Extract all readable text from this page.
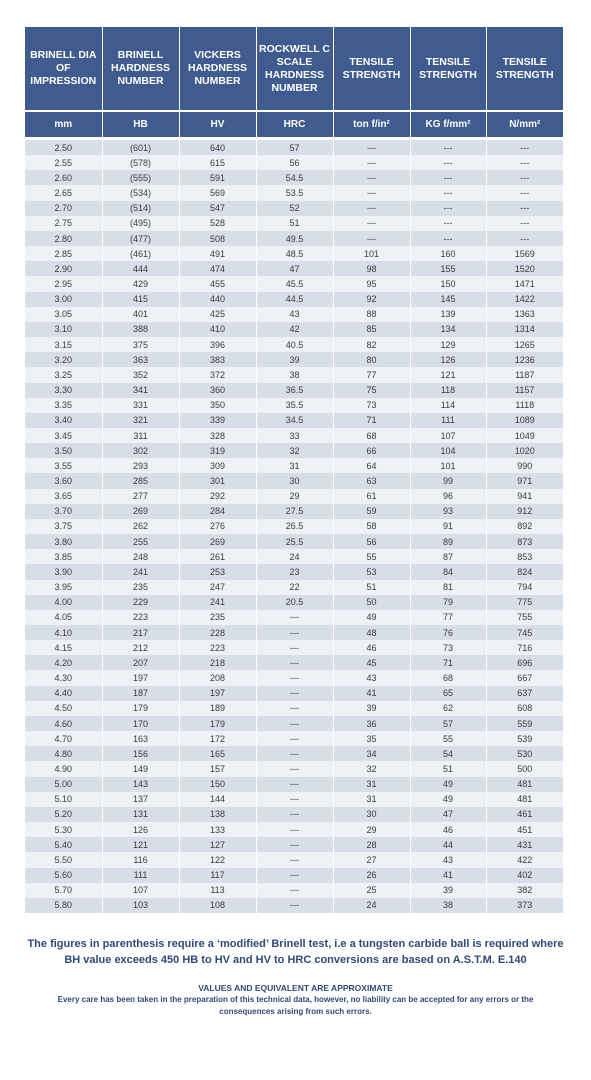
BRINELL DIA OF IMPRESSION	BRINELL HARDNESS NUMBER	VICKERS HARDNESS NUMBER	ROCKWELL C SCALE HARDNESS NUMBER	TENSILE STRENGTH	TENSILE STRENGTH	TENSILE STRENGTH
mm	HB	HV	HRC	ton f/in²	KG f/mm²	N/mm²

2.50	(601)	640	57	---	---	---
2.55	(578)	615	56	---	---	---
2.60	(555)	591	54.5	---	---	---
2.65	(534)	569	53.5	---	---	---
2.70	(514)	547	52	---	---	---
2.75	(495)	528	51	---	---	---
2.80	(477)	508	49.5	---	---	---
2.85	(461)	491	48.5	101	160	1569
2.90	444	474	47	98	155	1520
2.95	429	455	45.5	95	150	1471
3.00	415	440	44.5	92	145	1422
3.05	401	425	43	88	139	1363
3.10	388	410	42	85	134	1314
3.15	375	396	40.5	82	129	1265
3.20	363	383	39	80	126	1236
3.25	352	372	38	77	121	1187
3.30	341	360	36.5	75	118	1157
3.35	331	350	35.5	73	114	1118
3.40	321	339	34.5	71	111	1089
3.45	311	328	33	68	107	1049
3.50	302	319	32	66	104	1020
3.55	293	309	31	64	101	990
3.60	285	301	30	63	99	971
3.65	277	292	29	61	96	941
3.70	269	284	27.5	59	93	912
3.75	262	276	26.5	58	91	892
3.80	255	269	25.5	56	89	873
3.85	248	261	24	55	87	853
3.90	241	253	23	53	84	824
3.95	235	247	22	51	81	794
4.00	229	241	20.5	50	79	775
4.05	223	235	---	49	77	755
4.10	217	228	---	48	76	745
4.15	212	223	---	46	73	716
4.20	207	218	---	45	71	696
4.30	197	208	---	43	68	667
4.40	187	197	---	41	65	637
4.50	179	189	---	39	62	608
4.60	170	179	---	36	57	559
4.70	163	172	---	35	55	539
4.80	156	165	---	34	54	530
4.90	149	157	---	32	51	500
5.00	143	150	---	31	49	481
5.10	137	144	---	31	49	481
5.20	131	138	---	30	47	461
5.30	126	133	---	29	46	451
5.40	121	127	---	28	44	431
5.50	116	122	---	27	43	422
5.60	111	117	---	26	41	402
5.70	107	113	---	25	39	382
5.80	103	108	---	24	38	373

The figures in parenthesis require a ‘modified’ Brinell test, i.e a tungsten carbide ball is required where BH value exceeds 450 HB to HV and HV to HRC conversions are based on A.S.T.M. E.140

VALUES AND EQUIVALENT ARE APPROXIMATE

Every care has been taken in the preparation of this technical data, however, no liability can be accepted for any errors or the consequences arising from such errors.
